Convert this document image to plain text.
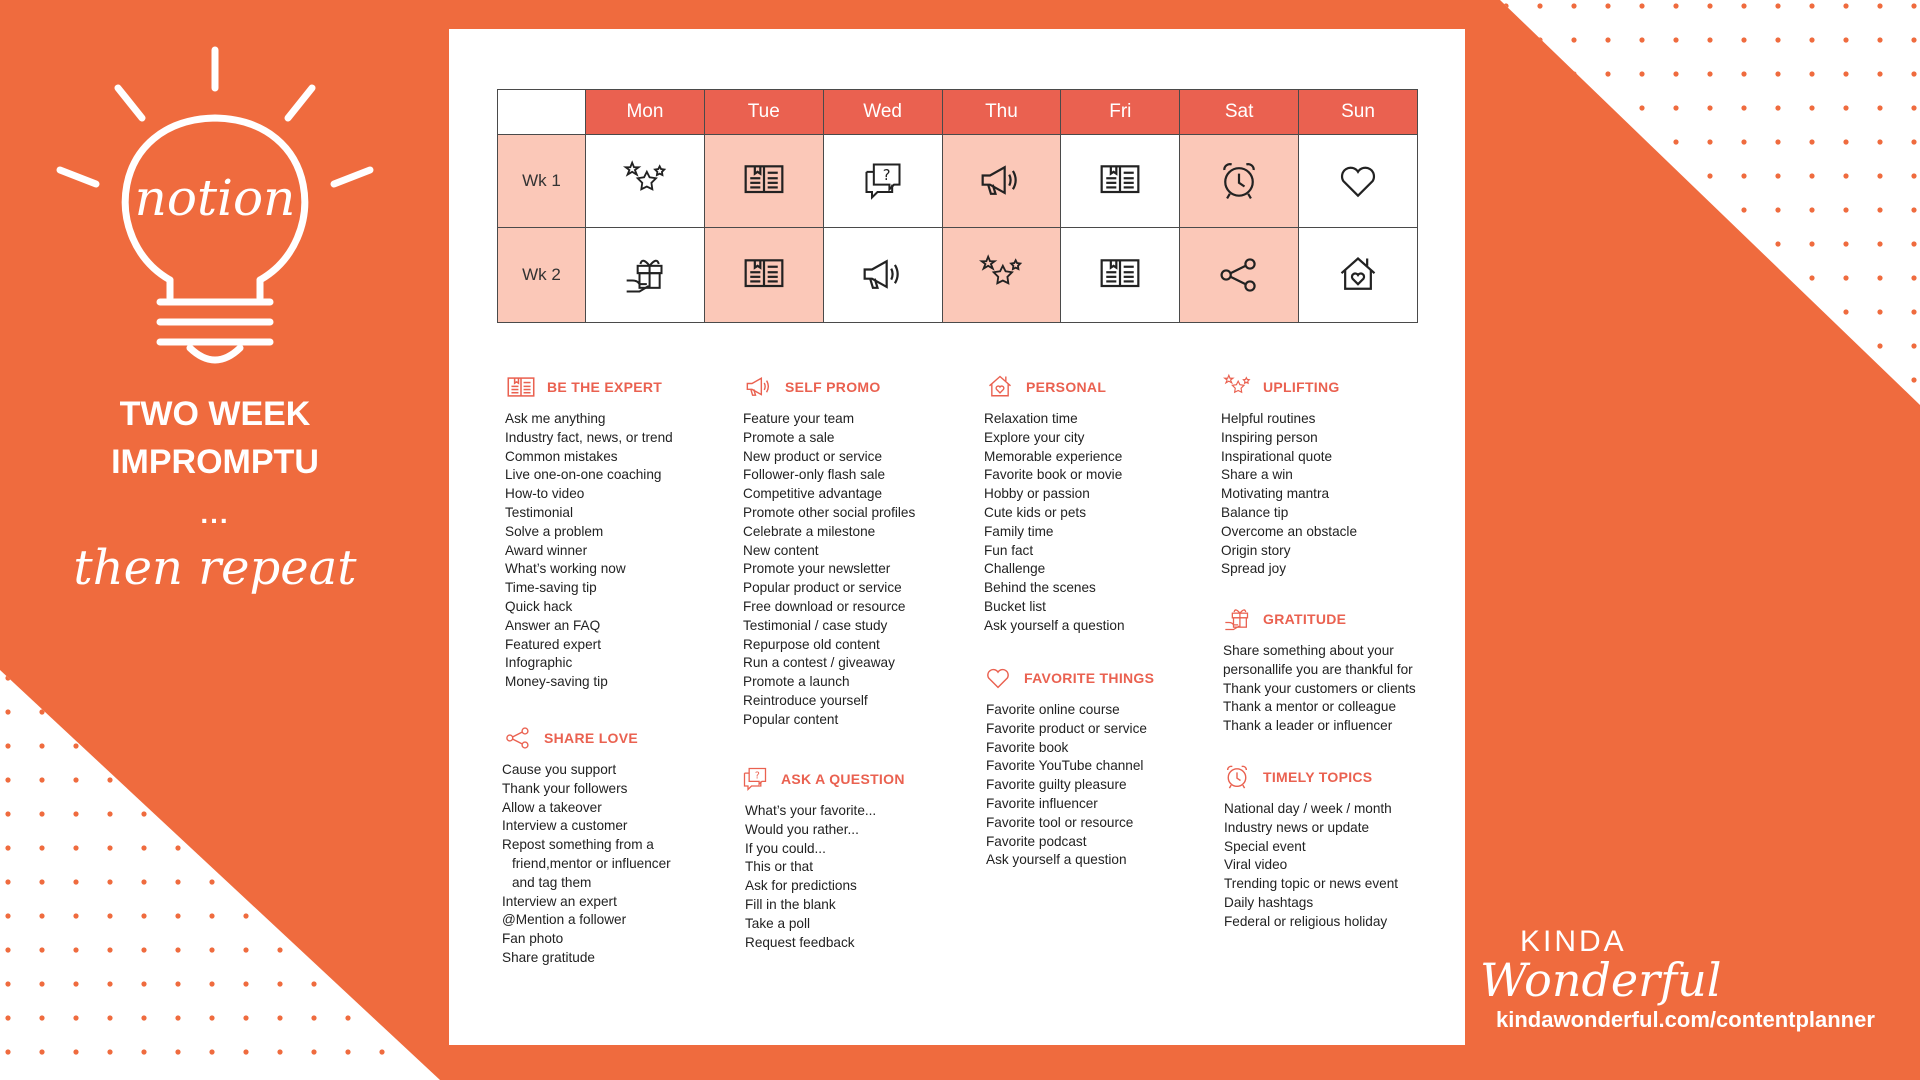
notion
TWO WEEK
IMPROMPTU
...
then repeat
KINDA
Wonderful
kindawonderful.com/contentplanner
	Mon	Tue	Wed	Thu	Fri	Sat	Sun
Wk 1							
Wk 2							
BE THE EXPERT
Ask me anything
Industry fact, news, or trend
Common mistakes
Live one-on-one coaching
How-to video
Testimonial
Solve a problem
Award winner
What’s working now
Time-saving tip
Quick hack
Answer an FAQ
Featured expert
Infographic
Money-saving tip
SHARE LOVE
Cause you support
Thank your followers
Allow a takeover
Interview a customer
Repost something from a
friend,mentor or influencer
and tag them
Interview an expert
@Mention a follower
Fan photo
Share gratitude
SELF PROMO
Feature your team
Promote a sale
New product or service
Follower-only flash sale
Competitive advantage
Promote other social profiles
Celebrate a milestone
New content
Promote your newsletter
Popular product or service
Free download or resource
Testimonial / case study
Repurpose old content
Run a contest / giveaway
Promote a launch
Reintroduce yourself
Popular content
ASK A QUESTION
What’s your favorite...
Would you rather...
If you could...
This or that
Ask for predictions
Fill in the blank
Take a poll
Request feedback
PERSONAL
Relaxation time
Explore your city
Memorable experience
Favorite book or movie
Hobby or passion
Cute kids or pets
Family time
Fun fact
Challenge
Behind the scenes
Bucket list
Ask yourself a question
FAVORITE THINGS
Favorite online course
Favorite product or service
Favorite book
Favorite YouTube channel
Favorite guilty pleasure
Favorite influencer
Favorite tool or resource
Favorite podcast
Ask yourself a question
UPLIFTING
Helpful routines
Inspiring person
Inspirational quote
Share a win
Motivating mantra
Balance tip
Overcome an obstacle
Origin story
Spread joy
GRATITUDE
Share something about your
personallife you are thankful for
Thank your customers or clients
Thank a mentor or colleague
Thank a leader or influencer
TIMELY TOPICS
National day / week / month
Industry news or update
Special event
Viral video
Trending topic or news event
Daily hashtags
Federal or religious holiday
